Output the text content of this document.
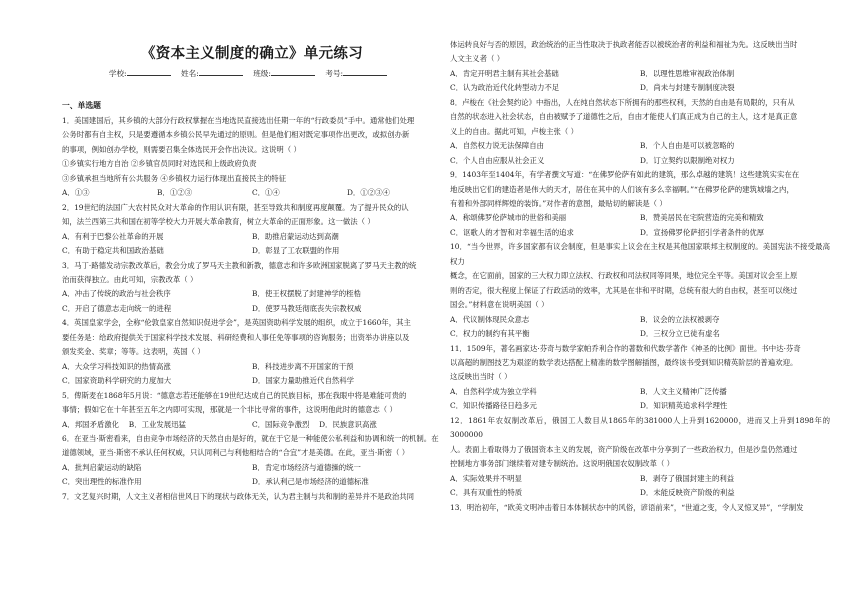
《资本主义制度的确立》单元练习
学校:	姓名:	班级:	考号:
一、单选题
1．美国建国后，其乡镇的大部分行政权掌握在当地选民直接选出任期一年的“行政委员”手中。通常他们处理
公务时都有自主权，只是要遵循本乡镇公民早先通过的原则。但是他们相对既定事项作出更改，或拟创办新
的事项，例如创办学校，则需要召集全体选民开会作出决议。这说明（ ）
①乡镇实行地方自治 ②乡镇官员同时对选民和上级政府负责
③乡镇承担当地所有公共服务 ④乡镇权力运行体现出直接民主的特征
A．①③	B．①②③	C．①④	D．①②③④
2．19世纪的法国广大农村民众对大革命的作用认识有限，甚至导致共和制度再度颠覆。为了提升民众的认
知，法兰西第三共和国在初等学校大力开展大革命教育，树立大革命的正面形象。这一做法（ ）
A．有利于巴黎公社革命的开展	B．助推启蒙运动达到高潮
C．有助于稳定共和国政治基础	D．彰显了工农联盟的作用
3．马丁·路德发动宗教改革后，教会分成了罗马天主教和新教，德意志和许多欧洲国家脱离了罗马天主教的统
治而获得独立。由此可知，宗教改革（ ）
A．冲击了传统的政治与社会秩序	B．使王权摆脱了封建神学的桎梏
C．开启了德意志走向统一的进程	D．使罗马教廷彻底丧失宗教权威
4．英国皇家学会，全称“伦敦皇家自然知识促进学会”，是英国资助科学发展的组织，成立于1660年，其主
要任务是：给政府提供关于国家科学技术发展、科研经费和人事任免等事项的咨询服务；出资举办讲座以及
颁发奖金、奖章；等等。这表明，英国（ ）
A．大众学习科技知识的热情高涨	B．科技进步离不开国家的干预
C．国家资助科学研究的力度加大	D．国家力量助推近代自然科学
5．俾斯麦在1868年5月说：“德意志若还能够在19世纪达成自己的民族目标，那在我眼中将是难能可贵的
事情；假如它在十年甚至五年之内即可实现，那就是一个非比寻常的事件，这说明他此时的德意志（ ）
A．邦国矛盾激化　 B．工业发展迅猛	C．国际竞争激烈　 D．民族意识高涨
6．在亚当·斯密看来，自由竞争市场经济的天然自由是好的，就在于它是一种能使公私利益和协调和统一的机制。在
道德领域，亚当·斯密不承认任何权威，只认同利己与利他相结合的“合宜”才是美德。在此，亚当·斯密（ ）
A．批判启蒙运动的缺陷	B．肯定市场经济与道德操的统一
C．突出理性的标准作用	D．承认利己是市场经济的道德标准
7．文艺复兴时期，人文主义者相信世风日下的现状与政体无关，认为君主制与共和制的差异并不是政治共同
体运转良好与否的原因，政治统治的正当性取决于执政者能否以被统治者的利益和福祉为先。这反映出当时
人文主义者（ ）
A．肯定开明君主制有其社会基础	B．以理性思维审视政治体制
C．认为政治近代化转型动力不足	D．尚未与封建专制制度决裂
8．卢梭在《社会契约论》中指出，人在纯自然状态下所拥有的那些权利，天然的自由是有局限的，只有从
自然的状态进入社会状态，自由被赋予了道德性之后，自由才能使人们真正成为自己的主人，这才是真正意
义上的自由。据此可知，卢梭主张（ ）
A．自然权力说无法保障自由	B．个人自由是可以被忽略的
C．个人自由应服从社会正义	D．订立契约以限制绝对权力
9．1403年至1404年，有学者撰文写道：“在佛罗伦萨有如此的建筑，那么卓越的建筑！这些建筑实实在在
地反映出它们的建造者是伟大的天才，居住在其中的人们该有多么幸福啊。”“在佛罗伦萨的建筑城墙之内，
有着和外部同样辉煌的装饰。”对作者的意图，最贴切的解读是（ ）
A．称颂佛罗伦萨城市的世俗和美丽	B．赞美居民在宅院营造的完美和精致
C．讴歌人的才智和对幸福生活的追求	D．宣扬佛罗伦萨招引学者条件的优厚
10．“当今世界，许多国家都有议会制度，但是事实上议会在主权是其他国家联邦主权制度的。美国宪法不接受最高权力
概念，在它面前，国家的三大权力即立法权、行政权和司法权同等同果，地位完全平等。美国对议会至上原
则的否定，很大程度上保证了行政活动的效率，尤其是在非和平时期，总统有很大的自由权，甚至可以绕过
国会。”材料意在说明美国（ ）
A．代议制体现民众意志	B．议会的立法权被剥夺
C．权力的制约有其平衡	D．三权分立已徒有虚名
11．1509年，著名画家达·芬奇与数学家帕乔利合作的著数和代数学著作《神圣的比例》面世。书中达·芬奇
以高超的制图技艺为艰涩的数学表达搭配上精准的数学图解插图，最终该书受到知识精英阶层的普遍欢迎。
这反映出当时（ ）
A．自然科学成为独立学科	B．人文主义精神广泛传播
C．知识传播路径日趋多元	D．知识精英追求科学理性
12．1861年农奴制改革后，俄国工人数目从1865年的381000人上升到1620000，进而又上升到1898年的3000000
人。表面上看取得力了俄国资本主义的发展，资产阶级在改革中分享到了一些政治权力，但是沙皇仍然通过
控制地方事务部门继续着对建专制统治。这说明俄国农奴制改革（ ）
A．实际效果并不明显	B．剥夺了俄国封建主的利益
C．具有双重性的特质	D．未能反映资产阶级的利益
13．明治初年，“欧美文明冲击着日本体制状态中的风俗，谚语前来”，“世道之变，令人叉惊叉异”，“学制发
